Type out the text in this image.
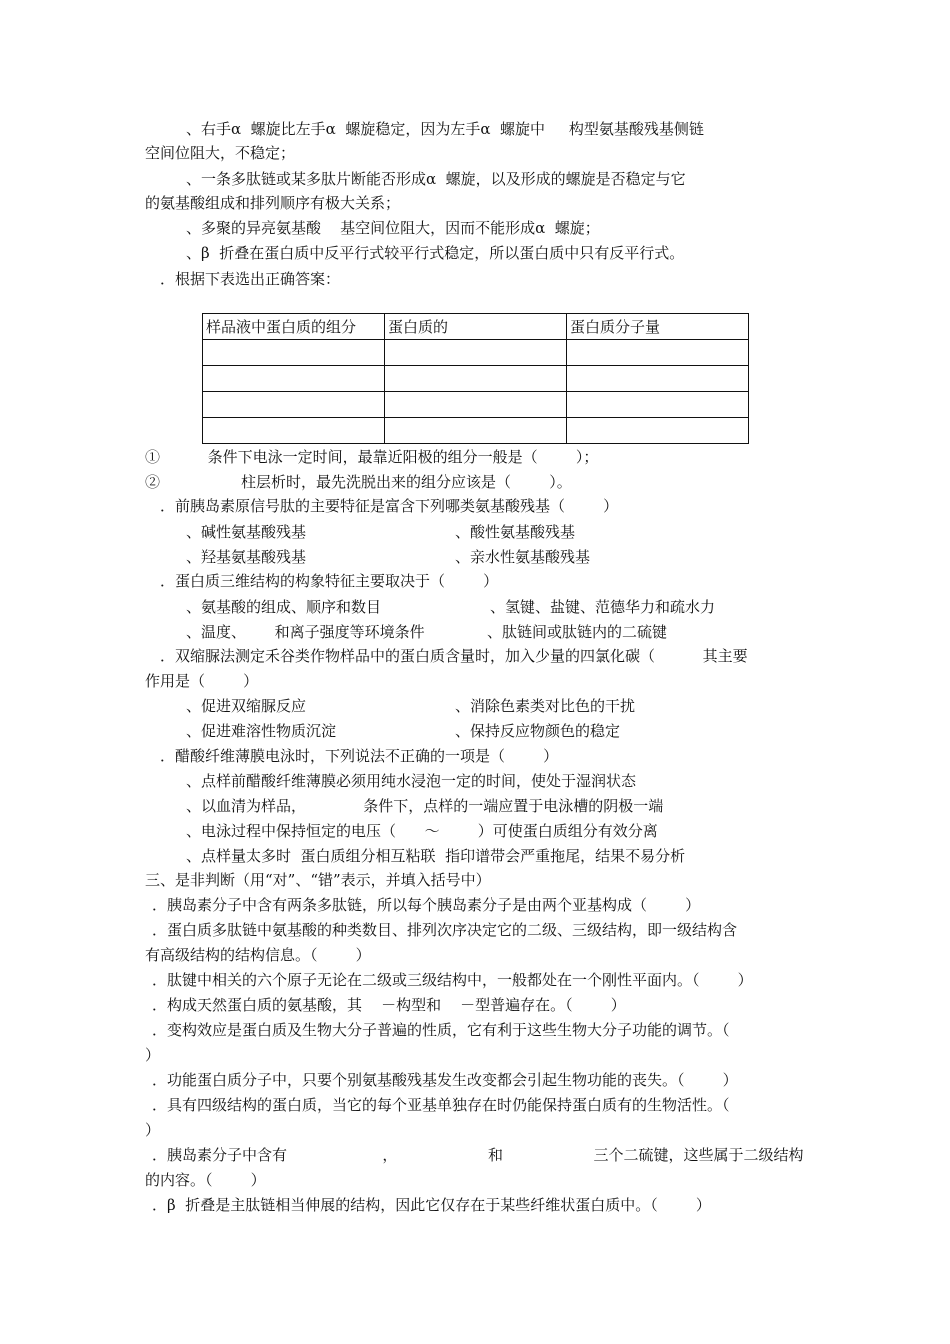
、右手α  螺旋比左手α  螺旋稳定，因为左手α  螺旋中     构型氨基酸残基侧链
空间位阻大，不稳定；
、一条多肽链或某多肽片断能否形成α  螺旋，以及形成的螺旋是否稳定与它
的氨基酸组成和排列顺序有极大关系；
、多聚的异亮氨基酸    基空间位阻大，因而不能形成α  螺旋；
、β  折叠在蛋白质中反平行式较平行式稳定，所以蛋白质中只有反平行式。
．根据下表选出正确答案：
样品液中蛋白质的组分	蛋白质的	蛋白质分子量

①          条件下电泳一定时间，最靠近阳极的组分一般是（        ）；
②                 柱层析时，最先洗脱出来的组分应该是（        ）。
．前胰岛素原信号肽的主要特征是富含下列哪类氨基酸残基（        ）
、碱性氨基酸残基	、酸性氨基酸残基
、羟基氨基酸残基	、亲水性氨基酸残基
．蛋白质三维结构的构象特征主要取决于（        ）
、氨基酸的组成、顺序和数目	、氢键、盐键、范德华力和疏水力
、温度、      和离子强度等环境条件	、肽链间或肽链内的二硫键
．双缩脲法测定禾谷类作物样品中的蛋白质含量时，加入少量的四氯化碳（          其主要
作用是（        ）
、促进双缩脲反应	、消除色素类对比色的干扰
、促进难溶性物质沉淀	、保持反应物颜色的稳定
．醋酸纤维薄膜电泳时，下列说法不正确的一项是（        ）
、点样前醋酸纤维薄膜必须用纯水浸泡一定的时间，使处于湿润状态
、以血清为样品，            条件下，点样的一端应置于电泳槽的阴极一端
、电泳过程中保持恒定的电压（      ～        ）可使蛋白质组分有效分离
、点样量太多时  蛋白质组分相互粘联  指印谱带会严重拖尾，结果不易分析
三、是非判断（用“对”、“错”表示，并填入括号中）
．胰岛素分子中含有两条多肽链，所以每个胰岛素分子是由两个亚基构成（        ）
．蛋白质多肽链中氨基酸的种类数目、排列次序决定它的二级、三级结构，即一级结构含
有高级结构的结构信息。（        ）
．肽键中相关的六个原子无论在二级或三级结构中，一般都处在一个刚性平面内。（        ）
．构成天然蛋白质的氨基酸，其    －构型和    －型普遍存在。（        ）
．变构效应是蛋白质及生物大分子普遍的性质，它有利于这些生物大分子功能的调节。（
）
．功能蛋白质分子中，只要个别氨基酸残基发生改变都会引起生物功能的丧失。（        ）
．具有四级结构的蛋白质，当它的每个亚基单独存在时仍能保持蛋白质有的生物活性。（
）
．胰岛素分子中含有                    ，                   和                   三个二硫键，这些属于二级结构
的内容。（        ）
．β  折叠是主肽链相当伸展的结构，因此它仅存在于某些纤维状蛋白质中。（        ）
